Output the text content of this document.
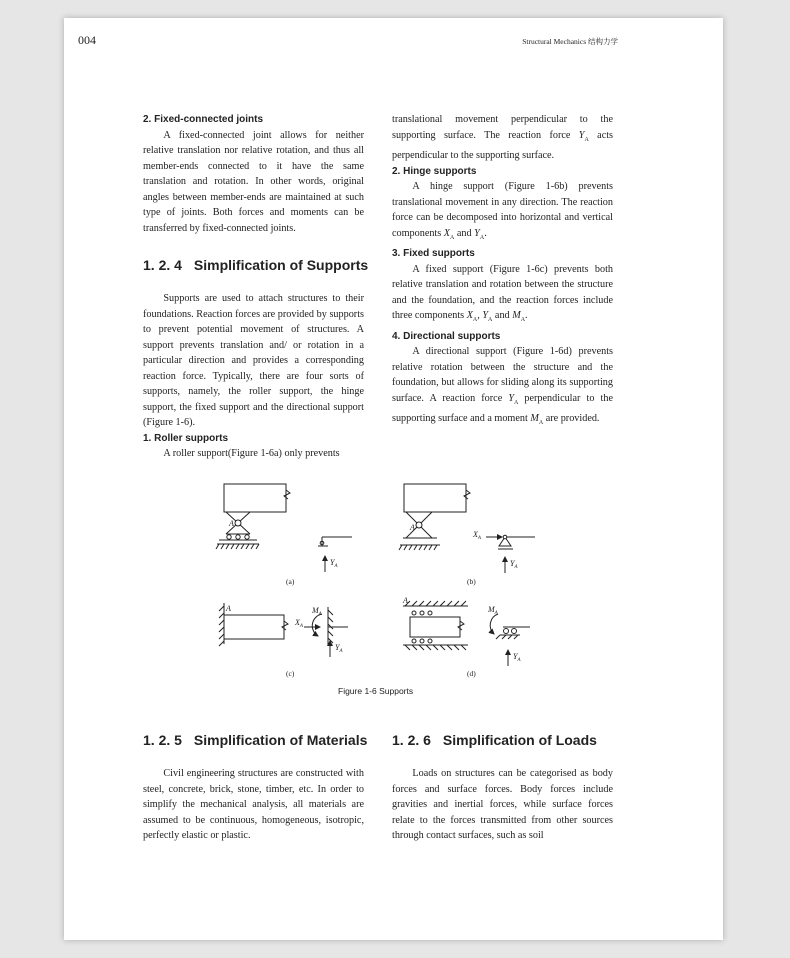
004	Structural Mechanics 结构力学
2. Fixed-connected joints

A fixed-connected joint allows for neither relative translation nor relative rotation, and thus all member-ends connected to it have the same translation and rotation. In other words, original angles between member-ends are maintained at such type of joints. Both forces and moments can be transferred by fixed-connected joints.

1. 2. 4 Simplification of Supports

Supports are used to attach structures to their foundations. Reaction forces are provided by supports to prevent potential movement of structures. A support prevents translation and/ or rotation in a particular direction and provides a corresponding reaction force. Typically, there are four sorts of supports, namely, the roller support, the hinge support, the fixed support and the directional support (Figure 1-6).

1. Roller supports

A roller support(Figure 1-6a) only prevents

translational movement perpendicular to the supporting surface. The reaction force $Y_A$ acts perpendicular to the supporting surface.

2. Hinge supports

A hinge support (Figure 1-6b) prevents translational movement in any direction. The reaction force can be decomposed into horizontal and vertical components $X_A$ and $Y_A$.

3. Fixed supports

A fixed support (Figure 1-6c) prevents both relative translation and rotation between the structure and the foundation, and the reaction forces include three components $X_A$, $Y_A$ and $M_A$.

4. Directional supports

A directional support (Figure 1-6d) prevents relative rotation between the structure and the foundation, but allows for sliding along its supporting surface. A reaction force $Y_A$ perpendicular to the supporting surface and a moment $M_A$ are provided.

A
$Y_A$
A
$X_A$
$Y_A$
A	$M_A$
$X_A$
$Y_A$
A
$M_A$
$Y_A$
(a)	(b)
(c)	(d)
Figure 1-6 Supports
1. 2. 5 Simplification of Materials 1. 2. 6 Simplification of Loads

Civil engineering structures are constructed with steel, concrete, brick, stone, timber, etc. In order to simplify the mechanical analysis, all materials are assumed to be continuous, homogeneous, isotropic, perfectly elastic or plastic.

Loads on structures can be categorised as body forces and surface forces. Body forces include gravities and inertial forces, while surface forces relate to the forces transmitted from other sources through contact surfaces, such as soil
